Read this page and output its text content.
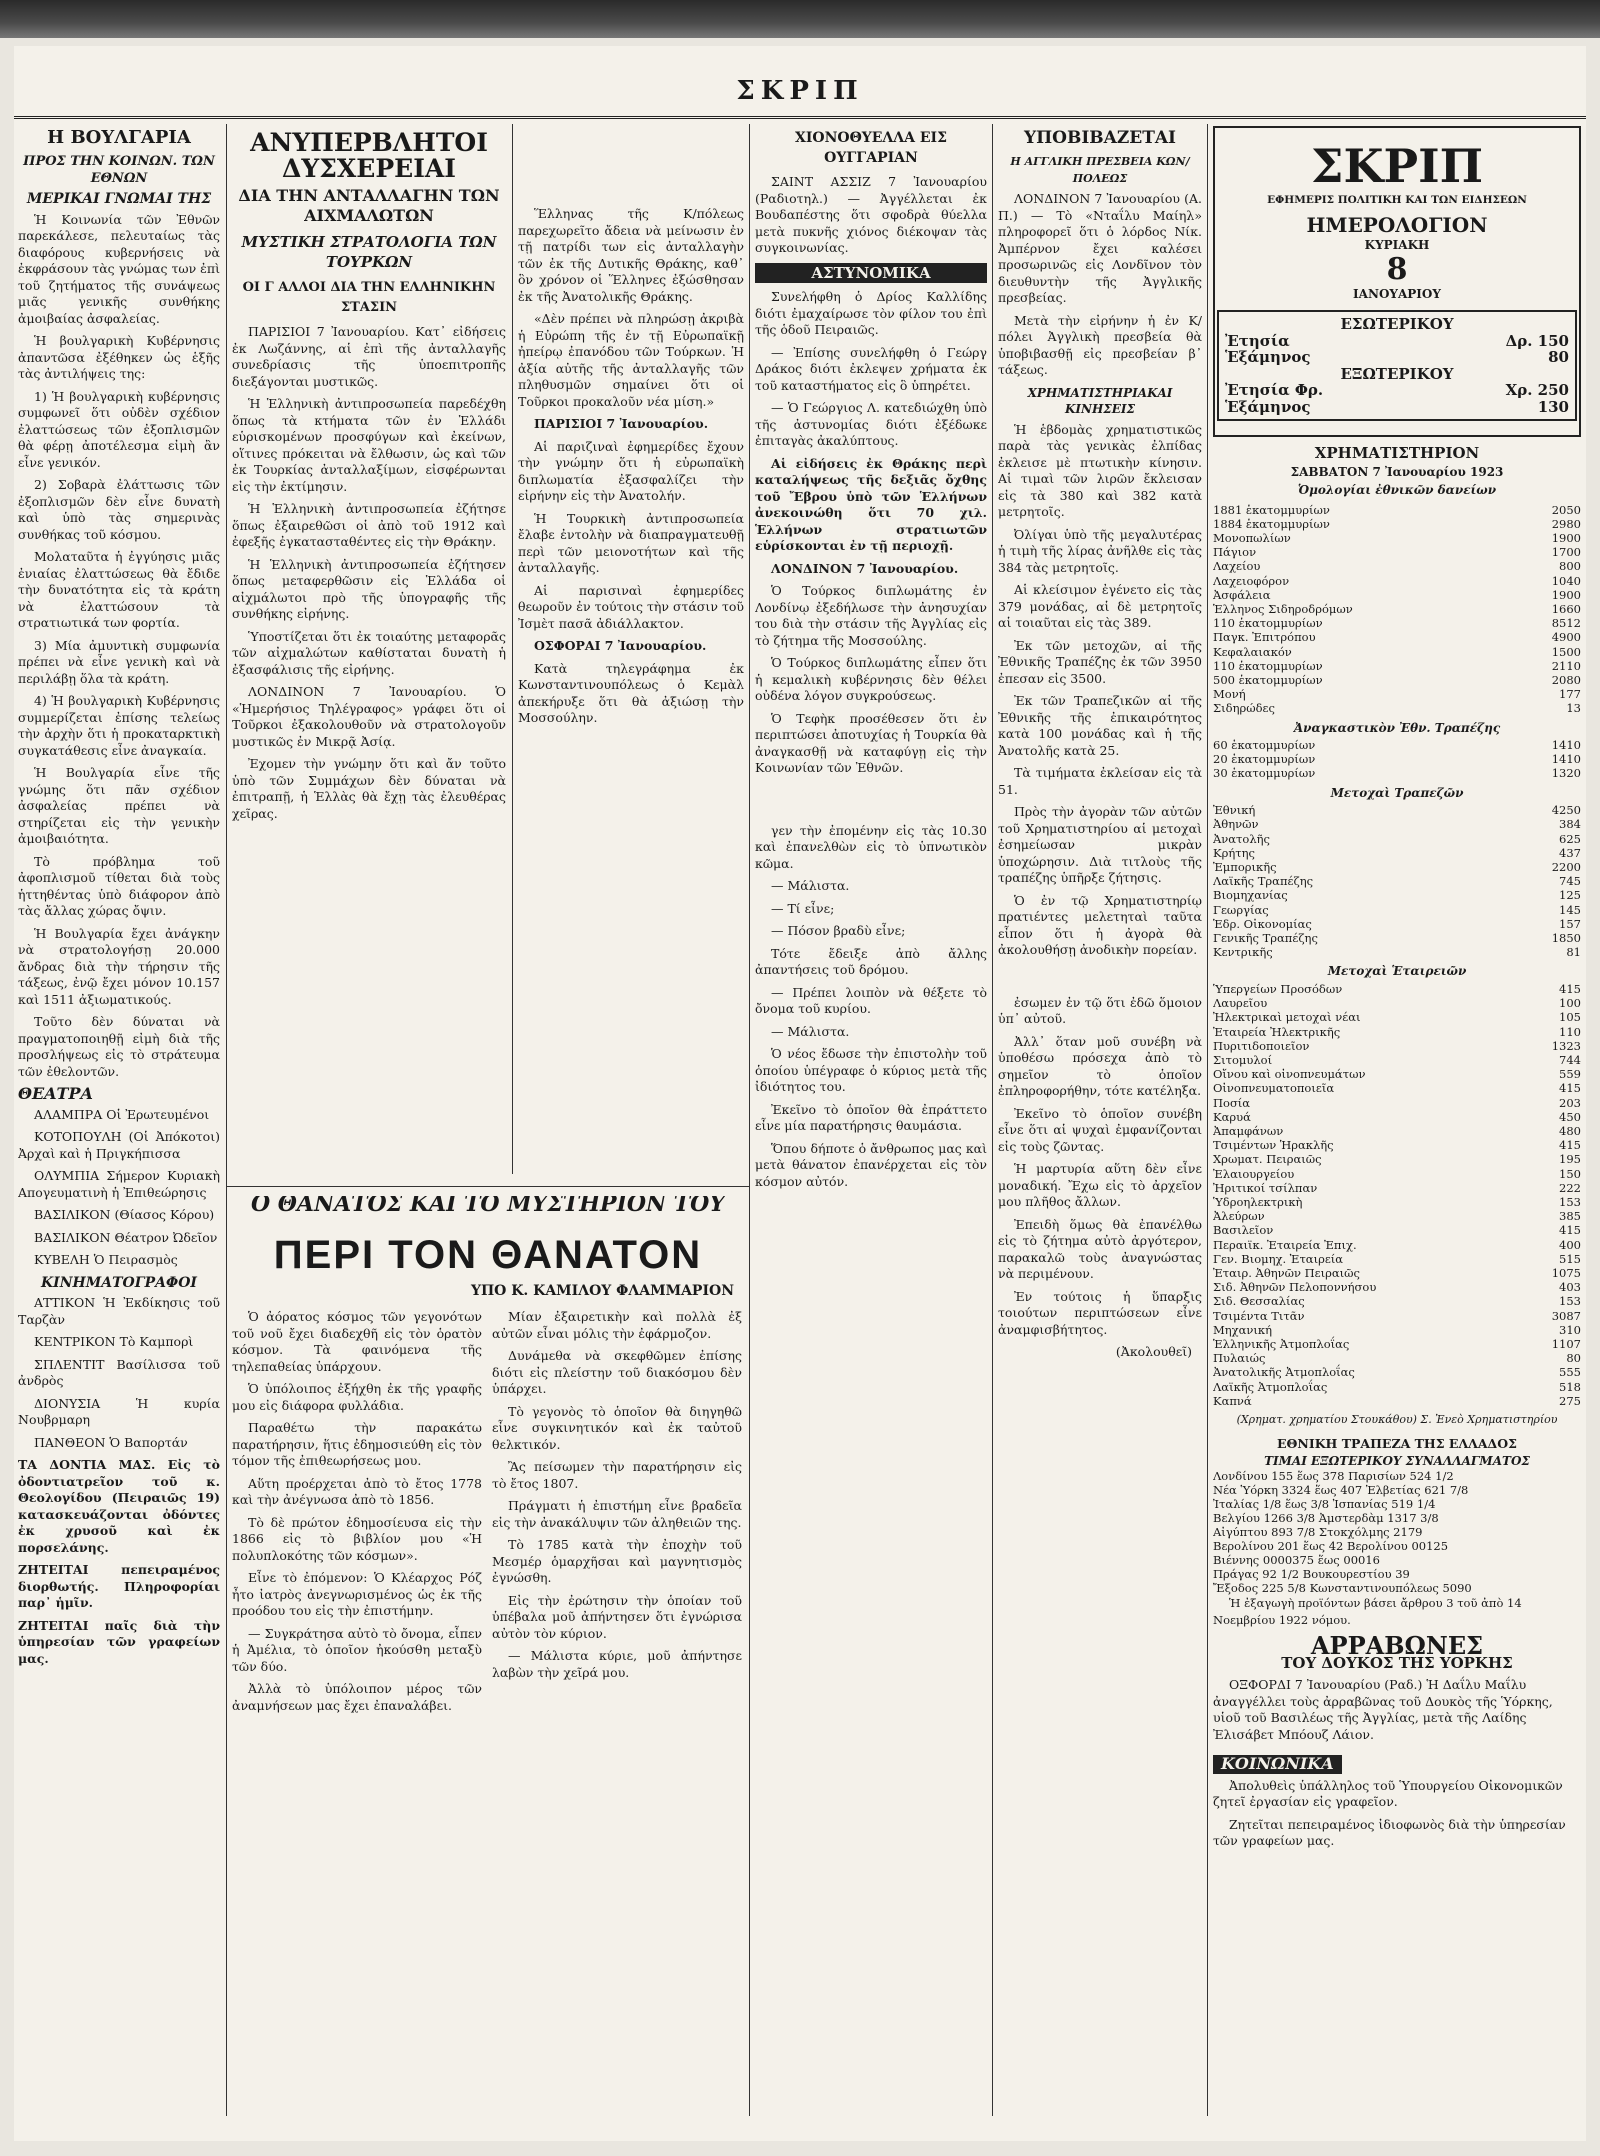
ΣΚΡΙΠ
Η ΒΟΥΛΓΑΡΙΑ
ΠΡΟΣ ΤΗΝ ΚΟΙΝΩΝ. ΤΩΝ ΕΘΝΩΝ
ΜΕΡΙΚΑΙ ΓΝΩΜΑΙ ΤΗΣ

Ἡ Κοινωνία τῶν Ἐθνῶν παρεκάλεσε, πελευταίως τὰς διαφόρους κυβερνήσεις νὰ ἐκφράσουν τὰς γνώμας των ἐπὶ τοῦ ζητήματος τῆς συνάψεως μιᾶς γενικῆς συνθήκης ἀμοιβαίας ἀσφαλείας.

Ἡ βουλγαρικὴ Κυβέρνησις ἀπαντῶσα ἐξέθηκεν ὡς ἑξῆς τὰς ἀντιλήψεις της:

1) Ἡ βουλγαρικὴ κυβέρνησις συμφωνεῖ ὅτι οὐδὲν σχέδιον ἐλαττώσεως τῶν ἐξοπλισμῶν θὰ φέρῃ ἀποτέλεσμα εἰμὴ ἂν εἶνε γενικόν.

2) Σοβαρὰ ἐλάττωσις τῶν ἐξοπλισμῶν δὲν εἶνε δυνατὴ καὶ ὑπὸ τὰς σημερινὰς συνθήκας τοῦ κόσμου.

Μολαταῦτα ἡ ἐγγύησις μιᾶς ἐνιαίας ἐλαττώσεως θὰ ἔδιδε τὴν δυνατότητα εἰς τὰ κράτη νὰ ἐλαττώσουν τὰ στρατιωτικά των φορτία.

3) Μία ἀμυντικὴ συμφωνία πρέπει νὰ εἶνε γενικὴ καὶ νὰ περιλάβῃ ὅλα τὰ κράτη.

4) Ἡ βουλγαρικὴ Κυβέρνησις συμμερίζεται ἐπίσης τελείως τὴν ἀρχὴν ὅτι ἡ προκαταρκτικὴ συγκατάθεσις εἶνε ἀναγκαία.

Ἡ Βουλγαρία εἶνε τῆς γνώμης ὅτι πᾶν σχέδιον ἀσφαλείας πρέπει νὰ στηρίζεται εἰς τὴν γενικὴν ἀμοιβαιότητα.

Τὸ πρόβλημα τοῦ ἀφοπλισμοῦ τίθεται διὰ τοὺς ἡττηθέντας ὑπὸ διάφορον ἀπὸ τὰς ἄλλας χώρας ὄψιν.

Ἡ Βουλγαρία ἔχει ἀνάγκην νὰ στρατολογήσῃ 20.000 ἄνδρας διὰ τὴν τήρησιν τῆς τάξεως, ἐνῷ ἔχει μόνον 10.157 καὶ 1511 ἀξιωματικούς.

Τοῦτο δὲν δύναται νὰ πραγματοποιηθῇ εἰμὴ διὰ τῆς προσλήψεως εἰς τὸ στράτευμα τῶν ἐθελοντῶν.

ΘΕΑΤΡΑ

ΑΛΑΜΠΡΑ Οἱ Ἐρωτευμένοι

ΚΟΤΟΠΟΥΛΗ (Οἱ Ἀπόκοτοι) Ἀρχαὶ καὶ ἡ Πριγκήπισσα

ΟΛΥΜΠΙΑ Σήμερον Κυριακὴ Απογευματινὴ ἡ Ἐπιθεώρησις

ΒΑΣΙΛΙΚΟΝ (Θίασος Κόρου)

ΒΑΣΙΛΙΚΟΝ Θέατρον Ὠδεῖον

ΚΥΒΕΛΗ Ὁ Πειρασμὸς

ΚΙΝΗΜΑΤΟΓΡΑΦΟΙ

ΑΤΤΙΚΟΝ Ἡ Ἐκδίκησις τοῦ Ταρζὰν

ΚΕΝΤΡΙΚΟΝ Τὸ Καμπορὶ

ΣΠΛΕΝΤΙΤ Βασίλισσα τοῦ ἀνδρὸς

ΔΙΟΝΥΣΙΑ Ἡ κυρία Νουβρμαρη

ΠΑΝΘΕΟΝ Ὁ Βαπορτάν

ΤΑ ΔΟΝΤΙΑ ΜΑΣ. Εἰς τὸ ὀδοντιατρεῖον τοῦ κ. Θεολογίδου (Πειραιῶς 19) κατασκευάζονται ὀδόντες ἐκ χρυσοῦ καὶ ἐκ πορσελάνης.
ΖΗΤΕΙΤΑΙ πεπειραμένος διορθωτής. Πληροφορίαι παρ᾿ ἡμῖν.
ΖΗΤΕΙΤΑΙ παῖς διὰ τὴν ὑπηρεσίαν τῶν γραφείων μας.
ΑΝΥΠΕΡΒΛΗΤΟΙ ΔΥΣΧΕΡΕΙΑΙ
ΔΙΑ ΤΗΝ ΑΝΤΑΛΛΑΓΗΝ ΤΩΝ ΑΙΧΜΑΛΩΤΩΝ
ΜΥΣΤΙΚΗ ΣΤΡΑΤΟΛΟΓΙΑ ΤΩΝ ΤΟΥΡΚΩΝ
ΟΙ Γ ΑΛΛΟΙ ΔΙΑ ΤΗΝ ΕΛΛΗΝΙΚΗΝ ΣΤΑΣΙΝ

ΠΑΡΙΣΙΟΙ 7 Ἰανουαρίου. Κατ᾿ εἰδήσεις ἐκ Λωζάννης, αἱ ἐπὶ τῆς ἀνταλλαγῆς συνεδρίασις τῆς ὑποεπιτροπῆς διεξάγονται μυστικῶς.

Ἡ Ἑλληνικὴ ἀντιπροσωπεία παρεδέχθη ὅπως τὰ κτήματα τῶν ἐν Ἑλλάδι εὑρισκομένων προσφύγων καὶ ἐκείνων, οἵτινες πρόκειται νὰ ἔλθωσιν, ὡς καὶ τῶν ἐκ Τουρκίας ἀνταλλαξίμων, εἰσφέρωνται εἰς τὴν ἐκτίμησιν.

Ἡ Ἑλληνικὴ ἀντιπροσωπεία ἐζήτησε ὅπως ἐξαιρεθῶσι οἱ ἀπὸ τοῦ 1912 καὶ ἐφεξῆς ἐγκατασταθέντες εἰς τὴν Θράκην.

Ἡ Ἑλληνικὴ ἀντιπροσωπεία ἐζήτησεν ὅπως μεταφερθῶσιν εἰς Ἑλλάδα οἱ αἰχμάλωτοι πρὸ τῆς ὑπογραφῆς τῆς συνθήκης εἰρήνης.

Ὑποστίζεται ὅτι ἐκ τοιαύτης μεταφορᾶς τῶν αἰχμαλώτων καθίσταται δυνατὴ ἡ ἐξασφάλισις τῆς εἰρήνης.

ΛΟΝΔΙΝΟΝ 7 Ἰανουαρίου. Ὁ «Ἡμερήσιος Τηλέγραφος» γράφει ὅτι οἱ Τοῦρκοι ἐξακολουθοῦν νὰ στρατολογοῦν μυστικῶς ἐν Μικρᾷ Ἀσίᾳ.

Ἐχομεν τὴν γνώμην ὅτι καὶ ἄν τοῦτο ὑπὸ τῶν Συμμάχων δὲν δύναται νὰ ἐπιτραπῇ, ἡ Ἑλλὰς θὰ ἔχῃ τὰς ἐλευθέρας χεῖρας.

Ἕλληνας τῆς Κ/πόλεως παρεχωρεῖτο ἄδεια νὰ μείνωσιν ἐν τῇ πατρίδι των εἰς ἀνταλλαγὴν τῶν ἐκ τῆς Δυτικῆς Θράκης, καθ᾿ ὃν χρόνον οἱ Ἕλληνες ἐξώσθησαν ἐκ τῆς Ἀνατολικῆς Θράκης.

«Δὲν πρέπει νὰ πληρώσῃ ἀκριβὰ ἡ Εὐρώπη τῆς ἐν τῇ Εὐρωπαϊκῇ ἠπείρῳ ἐπανόδου τῶν Τούρκων. Ἡ ἀξία αὐτῆς τῆς ἀνταλλαγῆς τῶν πληθυσμῶν σημαίνει ὅτι οἱ Τοῦρκοι προκαλοῦν νέα μίση.»

ΠΑΡΙΣΙΟΙ 7 Ἰανουαρίου.

Αἱ παριζιναὶ ἐφημερίδες ἔχουν τὴν γνώμην ὅτι ἡ εὐρωπαϊκὴ διπλωματία ἐξασφαλίζει τὴν εἰρήνην εἰς τὴν Ἀνατολήν.

Ἡ Τουρκικὴ ἀντιπροσωπεία ἔλαβε ἐντολὴν νὰ διαπραγματευθῇ περὶ τῶν μειονοτήτων καὶ τῆς ἀνταλλαγῆς.

Αἱ παρισιναὶ ἐφημερίδες θεωροῦν ἐν τούτοις τὴν στάσιν τοῦ Ἰσμὲτ πασᾶ ἀδιάλλακτον.

ΟΣΦΟΡΑΙ 7 Ἰανουαρίου.

Κατὰ τηλεγράφημα ἐκ Κωνσταντινουπόλεως ὁ Κεμὰλ ἀπεκήρυξε ὅτι θὰ ἀξιώσῃ τὴν Μοσσούλην.

Ο ΘΑΝΑΤΟΣ ΚΑΙ ΤΟ ΜΥΣΤΗΡΙΟΝ ΤΟΥ
ΠΕΡΙ ΤΟΝ ΘΑΝΑΤΟΝ
ΥΠΟ Κ. ΚΑΜΙΛΟΥ ΦΛΑΜΜΑΡΙΟΝ

Ὁ ἀόρατος κόσμος τῶν γεγονότων τοῦ νοῦ ἔχει διαδεχθῆ εἰς τὸν ὁρατὸν κόσμον. Τὰ φαινόμενα τῆς τηλεπαθείας ὑπάρχουν.

Ὁ ὑπόλοιπος ἐξήχθη ἐκ τῆς γραφῆς μου εἰς διάφορα φυλλάδια.

Παραθέτω τὴν παρακάτω παρατήρησιν, ἥτις ἐδημοσιεύθη εἰς τὸν τόμον τῆς ἐπιθεωρήσεως μου.

Αὕτη προέρχεται ἀπὸ τὸ ἔτος 1778 καὶ τὴν ἀνέγνωσα ἀπὸ τὸ 1856.

Τὸ δὲ πρώτον ἐδημοσίευσα εἰς τὴν 1866 εἰς τὸ βιβλίον μου «Ἡ πολυπλοκότης τῶν κόσμων».

Εἶνε τὸ ἐπόμενον: Ὁ Κλέαρχος Ρόζ ἦτο ἰατρὸς ἀνεγνωρισμένος ὡς ἐκ τῆς προόδου του εἰς τὴν ἐπιστήμην.

— Συγκράτησα αὐτὸ τὸ ὄνομα, εἶπεν ἡ Ἀμέλια, τὸ ὁποῖον ἠκούσθη μεταξὺ τῶν δύο.

Ἀλλὰ τὸ ὑπόλοιπον μέρος τῶν ἀναμνήσεων μας ἔχει ἐπαναλάβει.

Μίαν ἐξαιρετικὴν καὶ πολλὰ ἐξ αὐτῶν εἶναι μόλις τὴν ἐφάρμοζον.

Δυνάμεθα νὰ σκεφθῶμεν ἐπίσης διότι εἰς πλείστην τοῦ διακόσμου δὲν ὑπάρχει.

Τὸ γεγονὸς τὸ ὁποῖον θὰ διηγηθῶ εἶνε συγκινητικόν καὶ ἐκ ταὐτοῦ θελκτικόν.

Ἂς πείσωμεν τὴν παρατήρησιν εἰς τὸ ἔτος 1807.

Πράγματι ἡ ἐπιστήμη εἶνε βραδεῖα εἰς τὴν ἀνακάλυψιν τῶν ἀληθειῶν της.

Τὸ 1785 κατὰ τὴν ἐποχὴν τοῦ Μεσμέρ ὁμαρχῆσαι καὶ μαγνητισμὸς ἐγνώσθη.

Εἰς τὴν ἐρώτησιν τὴν ὁποίαν τοῦ ὑπέβαλα μοῦ ἀπήντησεν ὅτι ἐγνώρισα αὐτὸν τὸν κύριον.

— Μάλιστα κύριε, μοῦ ἀπήντησε λαβὼν τὴν χεῖρά μου.

ΧΙΟΝΟΘΥΕΛΛΑ ΕΙΣ ΟΥΓΓΑΡΙΑΝ

ΣΑΙΝΤ ΑΣΣΙΖ 7 Ἰανουαρίου (Ραδιοτηλ.) — Ἀγγέλλεται ἐκ Βουδαπέστης ὅτι σφοδρὰ θύελλα μετὰ πυκνῆς χιόνος διέκοψαν τὰς συγκοινωνίας.

ΑΣΤΥΝΟΜΙΚΑ

Συνελήφθη ὁ Δρίος Καλλίδης διότι ἐμαχαίρωσε τὸν φίλον του ἐπὶ τῆς ὁδοῦ Πειραιῶς.

— Ἐπίσης συνελήφθη ὁ Γεώργ Δράκος διότι ἐκλεψεν χρήματα ἐκ τοῦ καταστήματος εἰς ὃ ὑπηρέτει.

— Ὁ Γεώργιος Λ. κατεδιώχθη ὑπὸ τῆς ἀστυνομίας διότι ἐξέδωκε ἐπιταγὰς ἀκαλύπτους.

Αἱ εἰδήσεις ἐκ Θράκης περὶ καταλήψεως τῆς δεξιᾶς ὄχθης τοῦ Ἔβρου ὑπὸ τῶν Ἑλλήνων ἀνεκοινώθη ὅτι 70 χιλ. Ἑλλήνων στρατιωτῶν εὑρίσκονται ἐν τῇ περιοχῇ.

ΛΟΝΔΙΝΟΝ 7 Ἰανουαρίου.

Ὁ Τούρκος διπλωμάτης ἐν Λονδίνῳ ἐξεδήλωσε τὴν ἀνησυχίαν του διὰ τὴν στάσιν τῆς Ἀγγλίας εἰς τὸ ζήτημα τῆς Μοσσούλης.

Ὁ Τούρκος διπλωμάτης εἶπεν ὅτι ἡ κεμαλικὴ κυβέρνησις δὲν θέλει οὐδένα λόγον συγκρούσεως.

Ὁ Τεφὴκ προσέθεσεν ὅτι ἐν περιπτώσει ἀποτυχίας ἡ Τουρκία θὰ ἀναγκασθῇ νὰ καταφύγῃ εἰς τὴν Κοινωνίαν τῶν Ἐθνῶν.

γεν τὴν ἐπομένην εἰς τὰς 10.30 καὶ ἐπανελθὼν εἰς τὸ ὑπνωτικὸν κῶμα.

— Μάλιστα.

— Τί εἶνε;

— Πόσον βραδὺ εἶνε;

Τότε ἔδειξε ἀπὸ ἄλλης ἀπαντήσεις τοῦ δρόμου.

— Πρέπει λοιπὸν νὰ θέξετε τὸ ὄνομα τοῦ κυρίου.

— Μάλιστα.

Ὁ νέος ἔδωσε τὴν ἐπιστολὴν τοῦ ὁποίου ὑπέγραφε ὁ κύριος μετὰ τῆς ἰδιότητος του.

Ἐκεῖνο τὸ ὁποῖον θὰ ἐπράττετο εἶνε μία παρατήρησις θαυμάσια.

Ὅπου δήποτε ὁ ἄνθρωπος μας καὶ μετὰ θάνατον ἐπανέρχεται εἰς τὸν κόσμον αὐτόν.

ΥΠΟΒΙΒΑΖΕΤΑΙ
Η ΑΓΓΛΙΚΗ ΠΡΕΣΒΕΙΑ ΚΩΝ/ΠΟΛΕΩΣ

ΛΟΝΔΙΝΟΝ 7 Ἰανουαρίου (Α. Π.) — Τὸ «Νταΐλυ Μαίηλ» πληροφορεῖ ὅτι ὁ λόρδος Νίκ. Ἀμπέρνον ἔχει καλέσει προσωρινῶς εἰς Λονδῖνον τὸν διευθυντὴν τῆς Ἀγγλικῆς πρεσβείας.

Μετὰ τὴν εἰρήνην ἡ ἐν Κ/πόλει Ἀγγλικὴ πρεσβεία θὰ ὑποβιβασθῇ εἰς πρεσβείαν β᾿ τάξεως.

ΧΡΗΜΑΤΙΣΤΗΡΙΑΚΑΙ ΚΙΝΗΣΕΙΣ

Ἡ ἑβδομὰς χρηματιστικῶς παρὰ τὰς γενικὰς ἐλπίδας ἐκλεισε μὲ πτωτικὴν κίνησιν. Αἱ τιμαὶ τῶν λιρῶν ἔκλεισαν εἰς τὰ 380 καὶ 382 κατὰ μετρητοῖς.

Ὀλίγαι ὑπὸ τῆς μεγαλυτέρας ἡ τιμὴ τῆς λίρας ἀνῆλθε εἰς τὰς 384 τὰς μετρητοῖς.

Αἱ κλείσιμον ἐγένετο εἰς τὰς 379 μονάδας, αἱ δὲ μετρητοῖς αἱ τοιαῦται εἰς τὰς 389.

Ἐκ τῶν μετοχῶν, αἱ τῆς Ἐθνικῆς Τραπέζης ἐκ τῶν 3950 ἐπεσαν εἰς 3500.

Ἐκ τῶν Τραπεζικῶν αἱ τῆς Ἐθνικῆς τῆς ἐπικαιρότητος κατὰ 100 μονάδας καὶ ἡ τῆς Ἀνατολῆς κατὰ 25.

Τὰ τιμήματα ἐκλείσαν εἰς τὰ 51.

Πρὸς τὴν ἀγορὰν τῶν αὐτῶν τοῦ Χρηματιστηρίου αἱ μετοχαὶ ἐσημείωσαν μικρὰν ὑποχώρησιν. Διὰ τιτλοὺς τῆς τραπέζης ὑπῆρξε ζήτησις.

Ὁ ἐν τῷ Χρηματιστηρίῳ πρατιέντες μελετηταὶ ταῦτα εἶπον ὅτι ἡ ἀγορὰ θὰ ἀκολουθήσῃ ἀνοδικὴν πορείαν.

ἐσωμεν ἐν τῷ ὅτι ἐδῶ ὅμοιον ὑπ᾿ αὐτοῦ.

Ἀλλ᾿ ὅταν μοῦ συνέβη νὰ ὑποθέσω πρόσεχα ἀπὸ τὸ σημεῖον τὸ ὁποῖον ἐπληροφορήθην, τότε κατέληξα.

Ἐκεῖνο τὸ ὁποῖον συνέβη εἶνε ὅτι αἱ ψυχαὶ ἐμφανίζονται εἰς τοὺς ζῶντας.

Ἡ μαρτυρία αὕτη δὲν εἶνε μοναδική. Ἔχω εἰς τὸ ἀρχεῖον μου πλῆθος ἄλλων.

Ἐπειδὴ ὅμως θὰ ἐπανέλθω εἰς τὸ ζήτημα αὐτὸ ἀργότερον, παρακαλῶ τοὺς ἀναγνώστας νὰ περιμένουν.

Ἐν τούτοις ἡ ὕπαρξις τοιούτων περιπτώσεων εἶνε ἀναμφισβήτητος.

(Ἀκολουθεῖ)
ΣΚΡΙΠ
ΕΦΗΜΕΡΙΣ ΠΟΛΙΤΙΚΗ ΚΑΙ ΤΩΝ ΕΙΔΗΣΕΩΝ
ΗΜΕΡΟΛΟΓΙΟΝ
ΚΥΡΙΑΚΗ
8
ΙΑΝΟΥΑΡΙΟΥ
ΕΣΩΤΕΡΙΚΟΥ
Ἐτησία	Δρ. 150
Ἑξάμηνος	80
ΕΞΩΤΕΡΙΚΟΥ
Ἐτησία Φρ.	Χρ. 250
Ἑξάμηνος	130
ΧΡΗΜΑΤΙΣΤΗΡΙΟΝ
ΣΑΒΒΑΤΟΝ 7 Ἰανουαρίου 1923
Ὁμολογίαι ἐθνικῶν δανείων
1881 ἑκατομμυρίων	2050
1884 ἑκατομμυρίων	2980
Μονοπωλίων	1900
Πάγιον	1700
Λαχείου	800
Λαχειοφόρον	1040
Ἀσφάλεια	1900
Ἑλληνος Σιδηροδρόμων	1660
110 ἑκατομμυρίων	8512
Παγκ. Ἐπιτρόπου	4900
Κεφαλαιακόν	1500
110 ἑκατομμυρίων	2110
500 ἑκατομμυρίων	2080
Μονή	177
Σιδηρώδες	13
Ἀναγκαστικὸν Ἐθν. Τραπέζης
60 ἑκατομμυρίων	1410
20 ἑκατομμυρίων	1410
30 ἑκατομμυρίων	1320
Μετοχαὶ Τραπεζῶν
Ἐθνική	4250
Ἀθηνῶν	384
Ἀνατολῆς	625
Κρήτης	437
Ἐμπορικῆς	2200
Λαϊκῆς Τραπέζης	745
Βιομηχανίας	125
Γεωργίας	145
Ἑδρ. Οἰκονομίας	157
Γενικῆς Τραπέζης	1850
Κεντρικῆς	81
Μετοχαὶ Ἑταιρειῶν
Ὑπεργείων Προσόδων	415
Λαυρεῖου	100
Ἠλεκτρικαὶ μετοχαὶ νέαι	105
Ἐταιρεία Ἠλεκτρικῆς	110
Πυριτιδοποιεῖον	1323
Σιτομυλοί	744
Οἴνου καὶ οἰνοπνευμάτων	559
Οἰνοπνευματοποιεῖα	415
Ποσία	203
Καρυά	450
Ἀπαμφάνων	480
Τσιμέντων Ἡρακλῆς	415
Χρωματ. Πειραιῶς	195
Ἐλαιουργείου	150
Ἠριτικοί τσίλπαν	222
Ὑδροηλεκτρικὴ	153
Ἀλεύρων	385
Βασιλεῖον	415
Περαιϊκ. Ἐταιρεία Ἐπιχ.	400
Γεν. Βιομηχ. Ἑταιρεία	515
Ἐταιρ. Ἀθηνῶν Πειραιῶς	1075
Σιδ. Ἀθηνῶν Πελοποννήσου	403
Σιδ. Θεσσαλίας	153
Τσιμέντα Τιτᾶν	3087
Μηχανική	310
Ἑλληνικῆς Ἀτμοπλοΐας	1107
Πυλαιώς	80
Ἀνατολικῆς Ἀτμοπλοΐας	555
Λαϊκῆς Ἀτμοπλοΐας	518
Καπνά	275
(Χρηματ. χρηματίου Στουκάθου) Σ. Ἐνεὸ Χρηματιστηρίου
ΕΘΝΙΚΗ ΤΡΑΠΕΖΑ ΤΗΣ ΕΛΛΑΔΟΣ
ΤΙΜΑΙ ΕΞΩΤΕΡΙΚΟΥ ΣΥΝΑΛΛΑΓΜΑΤΟΣ
Λονδίνου 155 ἕως 378 Παρισίων 524 1/2
Νέα Ὑόρκη 3324 ἕως 407 Ἐλβετίας 621 7/8
Ἰταλίας 1/8 ἕως 3/8 Ἰσπανίας 519 1/4
Βελγίου 1266 3/8 Ἀμστερδὰμ 1317 3/8
Αἰγύπτου 893 7/8 Στοκχόλμης 2179
Βερολίνου 201 ἕως 42 Βερολίνου 00125
Βιέννης 0000375 ἕως 00016
Πράγας 92 1/2 Βουκουρεστίου 39
Ἔξοδος 225 5/8 Κωνσταντινουπόλεως 5090

Ἡ ἐξαγωγὴ προϊόντων βάσει ἄρθρου 3 τοῦ ἀπὸ 14 Νοεμβρίου 1922 νόμου.

ΑΡΡΑΒΩΝΕΣ
ΤΟΥ ΔΟΥΚΟΣ ΤΗΣ ΥΟΡΚΗΣ

ΟΞΦΟΡΔΙ 7 Ἰανουαρίου (Ραδ.) Ἡ Δαΐλυ Μαΐλυ ἀναγγέλλει τοὺς ἀρραβῶνας τοῦ Δουκὸς τῆς Ὑόρκης, υἱοῦ τοῦ Βασιλέως τῆς Ἀγγλίας, μετὰ τῆς Λαίδης Ἐλισάβετ Μπόουζ Λάιον.

ΚΟΙΝΩΝΙΚΑ

Ἀπολυθεὶς ὑπάλληλος τοῦ Ὑπουργείου Οἰκονομικῶν ζητεῖ ἐργασίαν εἰς γραφεῖον.

Ζητεῖται πεπειραμένος ἰδιοφωνὸς διὰ τὴν ὑπηρεσίαν τῶν γραφείων μας.
